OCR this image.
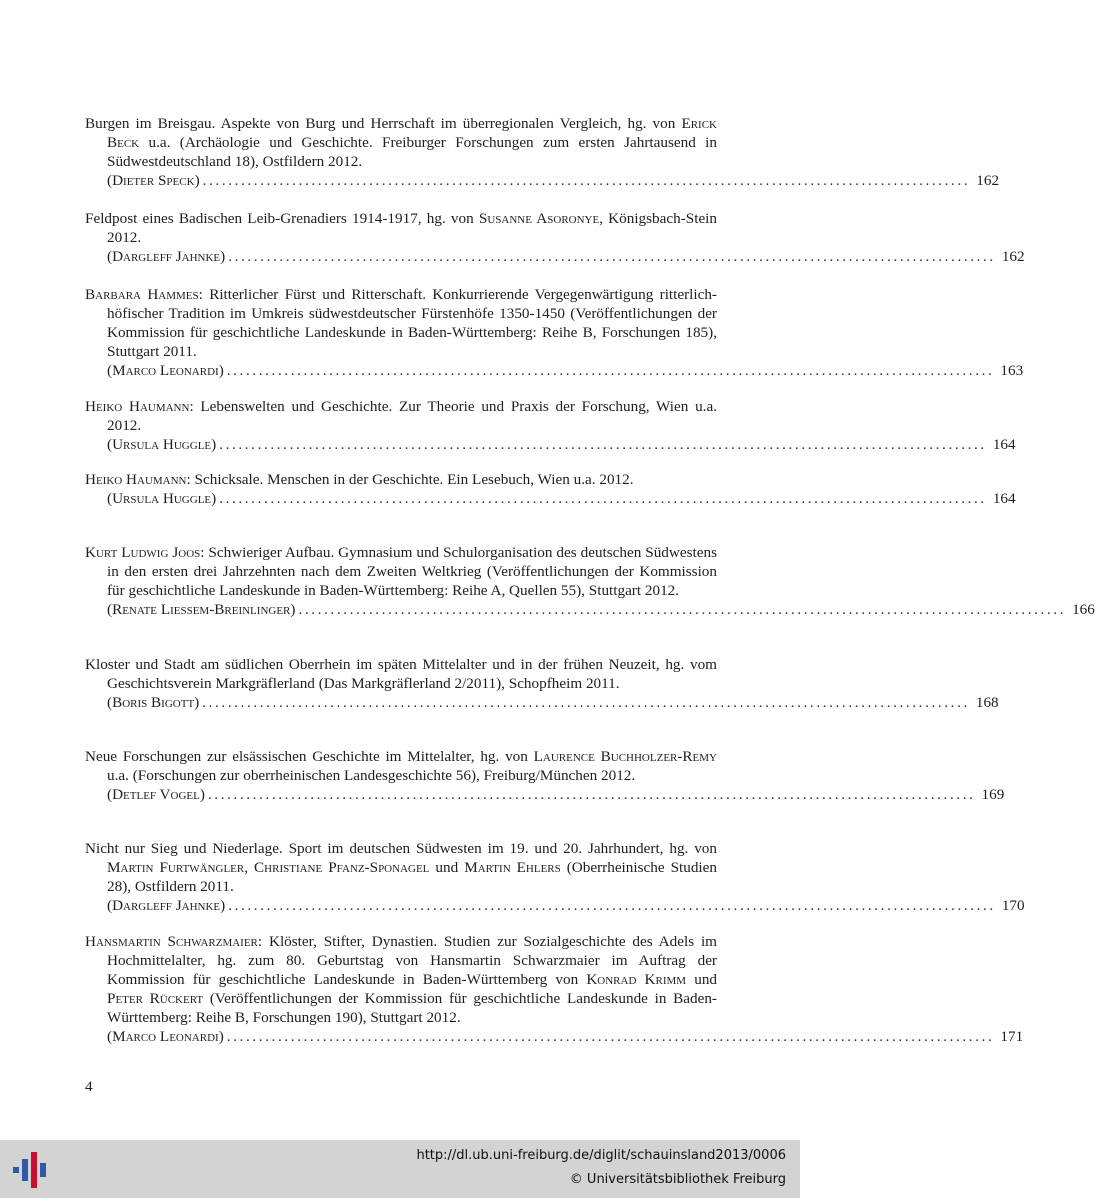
Burgen im Breisgau. Aspekte von Burg und Herrschaft im überregionalen Vergleich, hg. von Erick Beck u.a. (Archäologie und Geschichte. Freiburger Forschungen zum ersten Jahrtausend in Südwestdeutschland 18), Ostfildern 2012.
(Dieter Speck) ........................................................................................................................ 162
Feldpost eines Badischen Leib-Grenadiers 1914-1917, hg. von Susanne Asoronye, Königsbach-Stein 2012.
(Dargleff Jahnke) ........................................................................................................................ 162
Barbara Hammes: Ritterlicher Fürst und Ritterschaft. Konkurrierende Vergegenwärtigung ritterlich-höfischer Tradition im Umkreis südwestdeutscher Fürstenhöfe 1350-1450 (Veröffentlichungen der Kommission für geschichtliche Landeskunde in Baden-Württemberg: Reihe B, Forschungen 185), Stuttgart 2011.
(Marco Leonardi) ........................................................................................................................ 163
Heiko Haumann: Lebenswelten und Geschichte. Zur Theorie und Praxis der Forschung, Wien u.a. 2012.
(Ursula Huggle) ........................................................................................................................ 164
Heiko Haumann: Schicksale. Menschen in der Geschichte. Ein Lesebuch, Wien u.a. 2012.
(Ursula Huggle) ........................................................................................................................ 164
Kurt Ludwig Joos: Schwieriger Aufbau. Gymnasium und Schulorganisation des deutschen Südwestens in den ersten drei Jahrzehnten nach dem Zweiten Weltkrieg (Veröffentlichungen der Kommission für geschichtliche Landeskunde in Baden-Württemberg: Reihe A, Quellen 55), Stuttgart 2012.
(Renate Liessem-Breinlinger) ........................................................................................................................ 166
Kloster und Stadt am südlichen Oberrhein im späten Mittelalter und in der frühen Neuzeit, hg. vom Geschichtsverein Markgräflerland (Das Markgräflerland 2/2011), Schopfheim 2011.
(Boris Bigott) ........................................................................................................................ 168
Neue Forschungen zur elsässischen Geschichte im Mittelalter, hg. von Laurence Buchholzer-Remy u.a. (Forschungen zur oberrheinischen Landesgeschichte 56), Freiburg/München 2012.
(Detlef Vogel) ........................................................................................................................ 169
Nicht nur Sieg und Niederlage. Sport im deutschen Südwesten im 19. und 20. Jahrhundert, hg. von Martin Furtwängler, Christiane Pfanz-Sponagel und Martin Ehlers (Oberrheinische Studien 28), Ostfildern 2011.
(Dargleff Jahnke) ........................................................................................................................ 170
Hansmartin Schwarzmaier: Klöster, Stifter, Dynastien. Studien zur Sozialgeschichte des Adels im Hochmittelalter, hg. zum 80. Geburtstag von Hansmartin Schwarzmaier im Auftrag der Kommission für geschichtliche Landeskunde in Baden-Württemberg von Konrad Krimm und Peter Rückert (Veröffentlichungen der Kommission für geschichtliche Landeskunde in Baden-Württemberg: Reihe B, Forschungen 190), Stuttgart 2012.
(Marco Leonardi) ........................................................................................................................ 171
4
http://dl.ub.uni-freiburg.de/diglit/schauinsland2013/0006
© Universitätsbibliothek Freiburg
